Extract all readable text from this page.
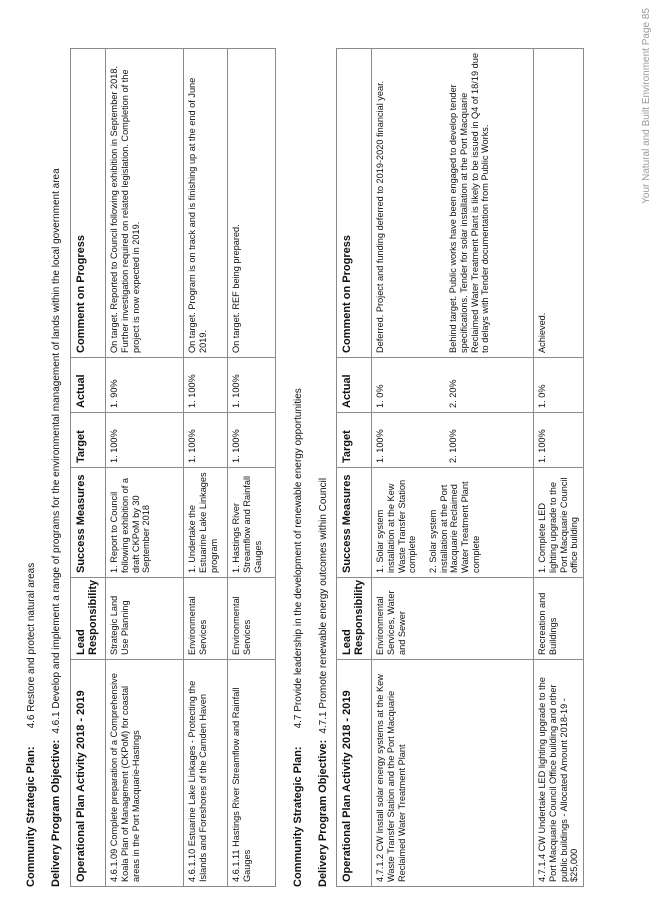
Community Strategic Plan:4.6 Restore and protect natural areas
Delivery Program Objective:4.6.1 Develop and implement a range of programs for the environmental management of lands within the local government area
Operational Plan Activity 2018 - 2019	Lead Responsibility	Success Measures	Target	Actual	Comment on Progress
4.6.1.09 Complete preparation of a Comprehensive Koala Plan of Management (CKPoM) for coastal areas in the Port Macquarie-Hastings	Strategic Land Use Planning	1. Report to Council following exhibition of a draft CKPoM by 30 September 2018	1. 100%	1. 90%	On target. Reported to Council following exhibition in September 2018. Further investigation required on related legislation. Completion of the project is now expected in 2019.
4.6.1.10 Estuarine Lake Linkages - Protecting the Islands and Foreshores of the Camden Haven	Environmental Services	1. Undertake the Estuarine Lake Linkages program	1. 100%	1. 100%	On target. Program is on track and is finishing up at the end of June 2019.
4.6.1.11 Hastings River Streamflow and Rainfall Gauges	Environmental Services	1. Hastings River Streamflow and Rainfall Gauges	1. 100%	1. 100%	On target. REF being prepared.
Community Strategic Plan:4.7 Provide leadership in the development of renewable energy opportunities
Delivery Program Objective:4.7.1 Promote renewable energy outcomes within Council
Operational Plan Activity 2018 - 2019	Lead Responsibility	Success Measures	Target	Actual	Comment on Progress
4.7.1.2 CW Install solar energy systems at the Kew Waste Transfer Station and the Port Macquarie Reclaimed Water Treatment Plant	Environmental Services, Water and Sewer	1. Solar system installation at the Kew Waste Transfer Station complete 2. Solar system installation at the Port Macquarie Reclaimed Water Treatment Plant complete	1. 100% 2. 100%	1. 0% 2. 20%	Deferred. Project and funding deferred to 2019-2020 financial year. Behind target. Public works have been engaged to develop tender specifications. Tender for solar installation at the Port Macquarie Reclaimed Water Treatment Plant is likely to be issued in Q4 of 18/19 due to delays with Tender documentation from Public Works.

4.7.1.4 CW Undertake LED lighting upgrade to the Port Macquarie Council Office building and other public buildings - Allocated Amount 2018-19 - $25,000	Recreation and Buildings	1. Complete LED lighting upgrade to the Port Macquarie Council office building	1. 100%	1. 0%	Achieved.
Your Natural and Built Environment Page 85
